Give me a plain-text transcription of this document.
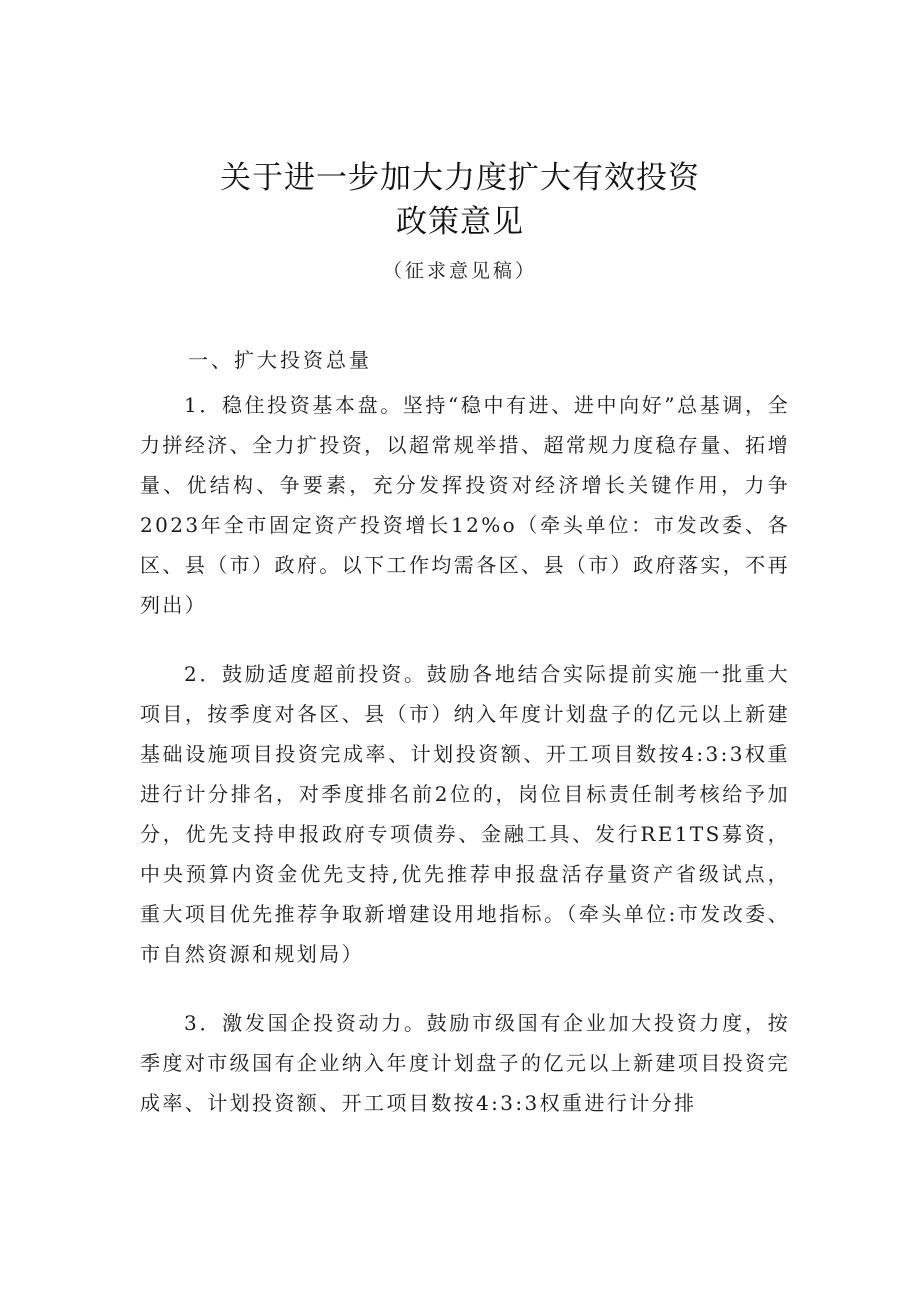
关于进一步加大力度扩大有效投资
政策意见
（征求意见稿）
一、扩大投资总量

1．稳住投资基本盘。坚持“稳中有进、进中向好”总基调，全力拼经济、全力扩投资，以超常规举措、超常规力度稳存量、拓增量、优结构、争要素，充分发挥投资对经济增长关键作用，力争2023年全市固定资产投资增长12%o（牵头单位：市发改委、各区、县（市）政府。以下工作均需各区、县（市）政府落实，不再列出）

2．鼓励适度超前投资。鼓励各地结合实际提前实施一批重大项目，按季度对各区、县（市）纳入年度计划盘子的亿元以上新建基础设施项目投资完成率、计划投资额、开工项目数按4:3:3权重进行计分排名，对季度排名前2位的，岗位目标责任制考核给予加分，优先支持申报政府专项债券、金融工具、发行RE1TS募资，中央预算内资金优先支持,优先推荐申报盘活存量资产省级试点，重大项目优先推荐争取新增建设用地指标。（牵头单位:市发改委、市自然资源和规划局）

3．激发国企投资动力。鼓励市级国有企业加大投资力度，按季度对市级国有企业纳入年度计划盘子的亿元以上新建项目投资完成率、计划投资额、开工项目数按4:3:3权重进行计分排
